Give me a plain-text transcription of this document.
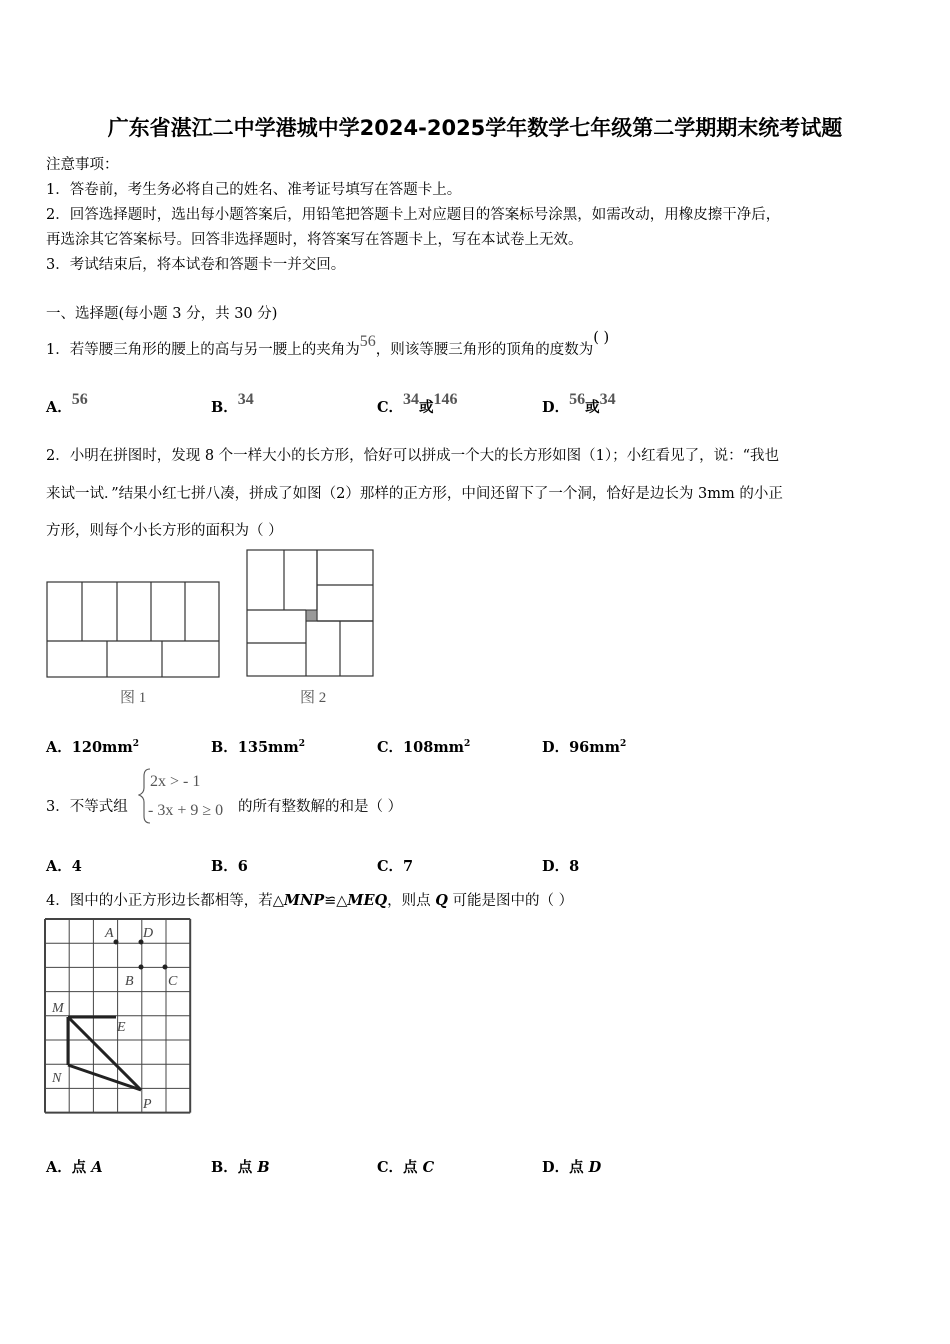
广东省湛江二中学港城中学2024-2025学年数学七年级第二学期期末统考试题
注意事项：
1．答卷前，考生务必将自己的姓名、准考证号填写在答题卡上。
2．回答选择题时，选出每小题答案后，用铅笔把答题卡上对应题目的答案标号涂黑，如需改动，用橡皮擦干净后，
再选涂其它答案标号。回答非选择题时，将答案写在答题卡上，写在本试卷上无效。
3．考试结束后，将本试卷和答题卡一并交回。
一、选择题(每小题 3 分，共 30 分)
1．若等腰三角形的腰上的高与另一腰上的夹角为56，则该等腰三角形的顶角的度数为( )
A．56	B．34	C．34或146	D．56或34
2．小明在拼图时，发现 8 个一样大小的长方形，恰好可以拼成一个大的长方形如图（1）；小红看见了，说：“我也
来试一试．”结果小红七拼八凑，拼成了如图（2）那样的正方形，中间还留下了一个洞，恰好是边长为 3mm 的小正
方形，则每个小长方形的面积为（ ）
图 1	图 2
A．$120mm^2$	B．$135mm^2$	C．$108mm^2$	D．$96mm^2$
3．不等式组
2x > - 1
- 3x + 9 ≥ 0 的所有整数解的和是（ ）
A．4	B．6	C．7	D．8
4．图中的小正方形边长都相等，若△MNP≌△MEQ，则点 Q 可能是图中的（ ）
A D
B C
M
E
N
P
A．点 A	B．点 B	C．点 C	D．点 D
